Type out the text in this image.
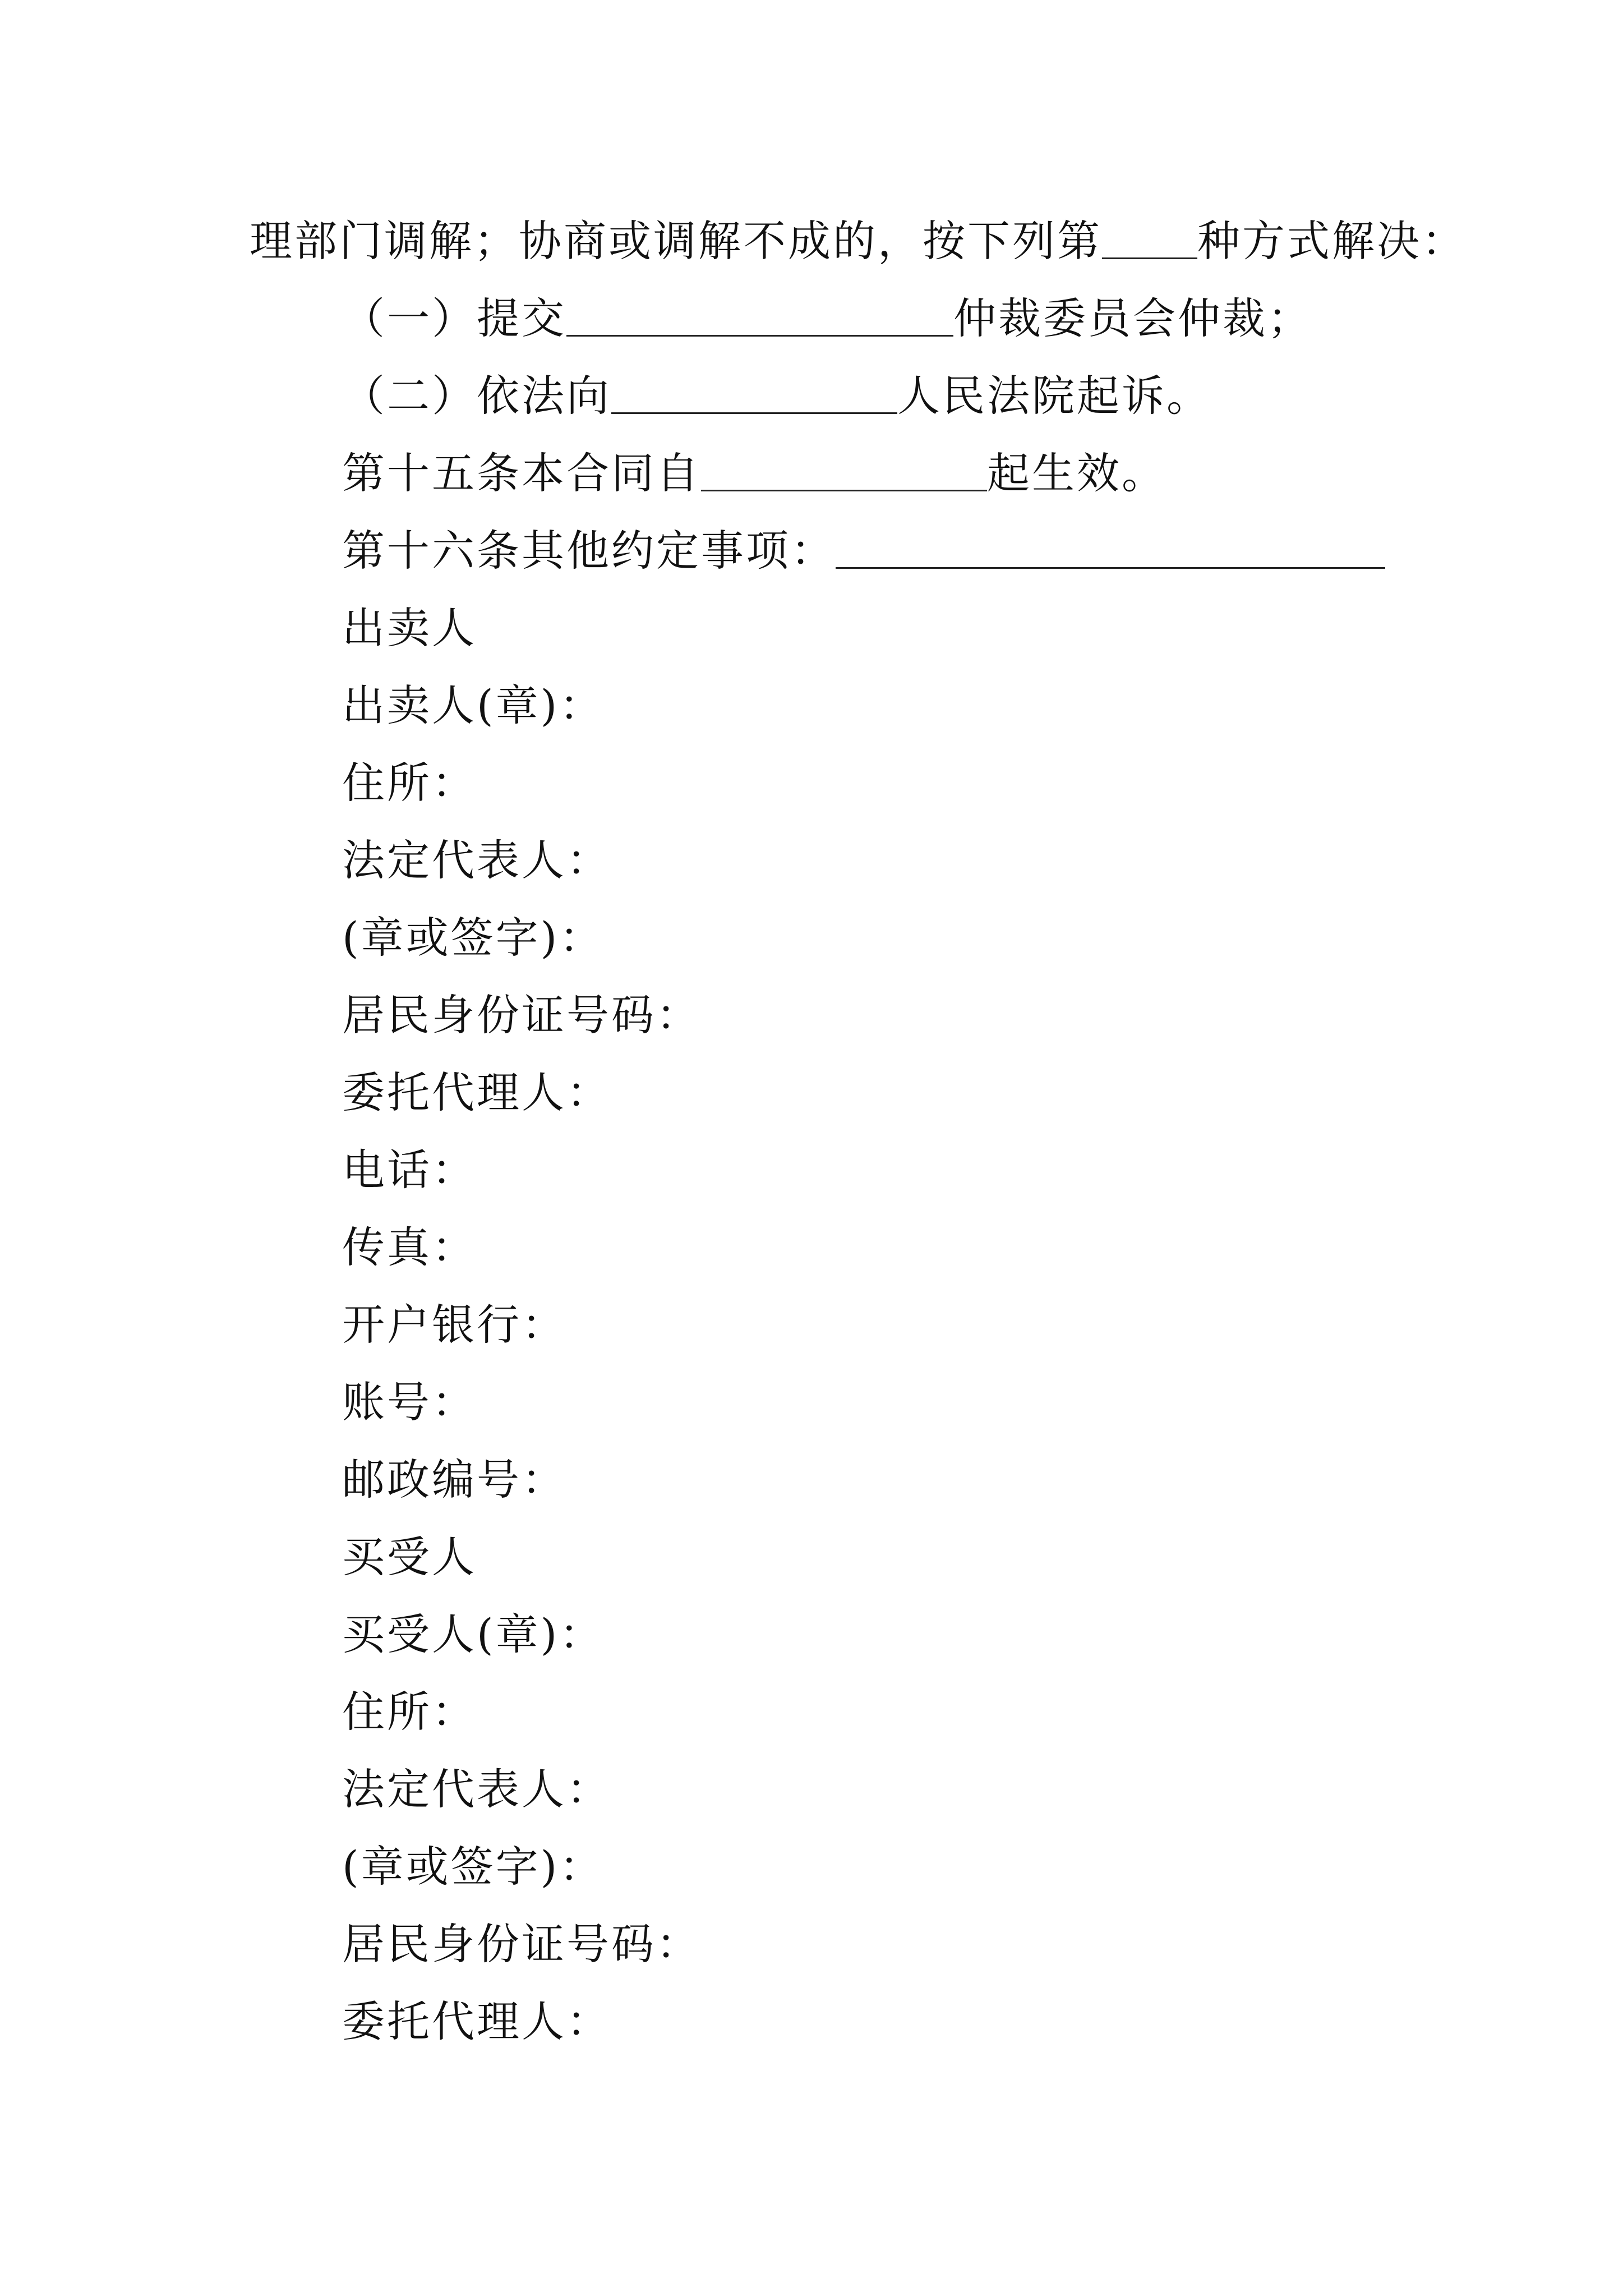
理部门调解；协商或调解不成的，按下列第 种方式解决：
（一）提交	仲裁委员会仲裁；
（二）依法向	人民法院起诉。
第十五条本合同自	起生效。
第十六条其他约定事项：
出卖人
出卖人(章)：
住所：
法定代表人：
(章或签字)：
居民身份证号码：
委托代理人：
电话：
传真：
开户银行：
账号：
邮政编号：
买受人
买受人(章)：
住所：
法定代表人：
(章或签字)：
居民身份证号码：
委托代理人：
